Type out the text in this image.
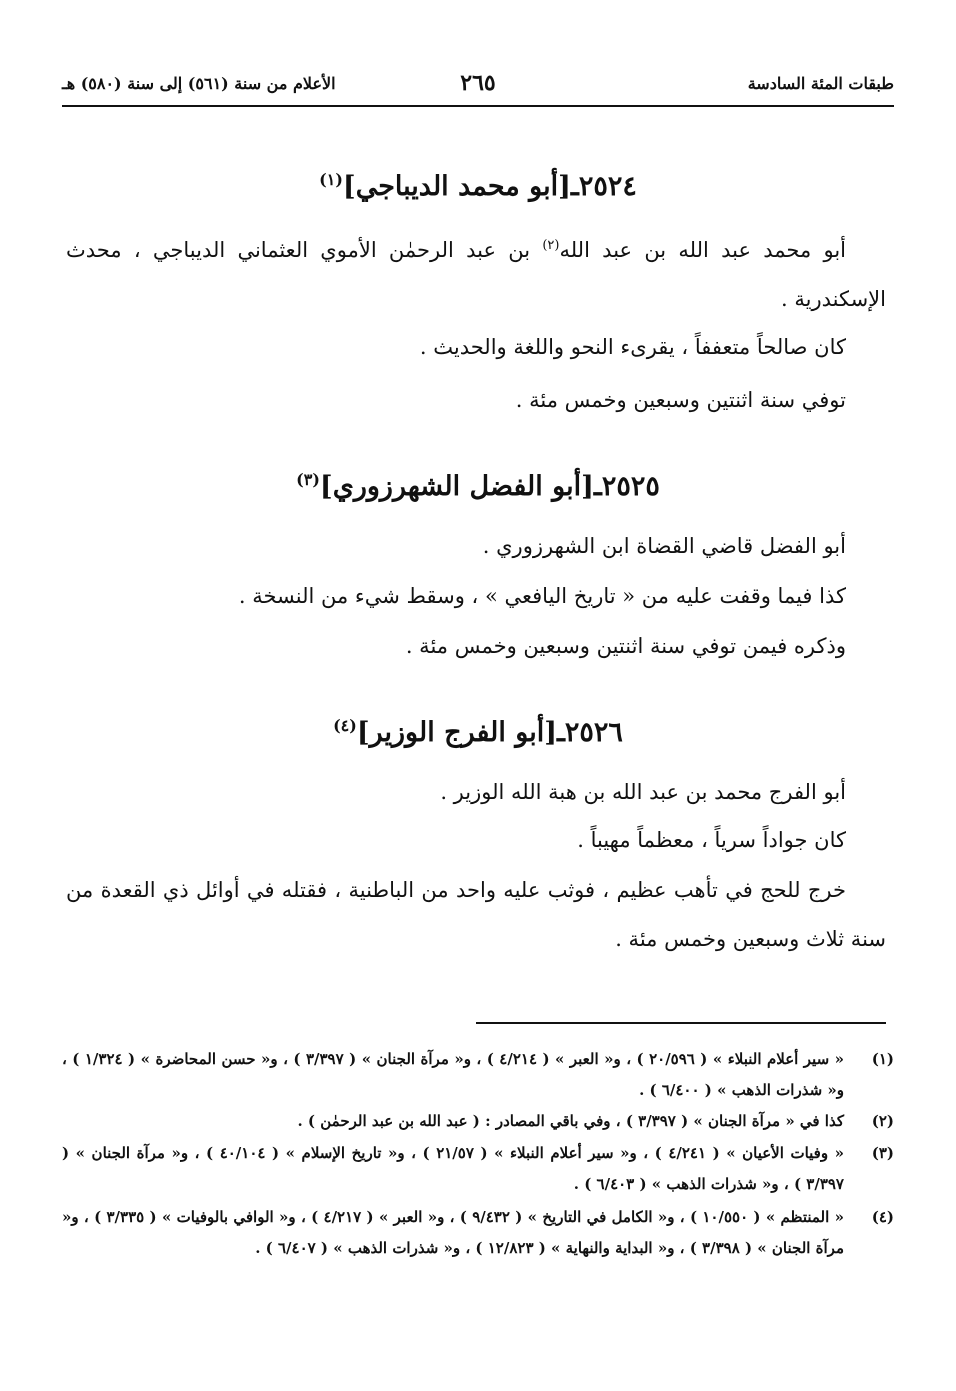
طبقات المئة السادسة
٢٦٥
الأعلام من سنة (٥٦١) إلى سنة (٥٨٠) هـ
٢٥٢٤ـ[أبو محمد الديباجي]$^{(١)}$
أبو محمد عبد الله بن عبد الله$^{(٢)}$ بن عبد الرحمٰن الأموي العثماني الديباجي ، محدث الإسكندرية .
كان صالحاً متعففاً ، يقرىء النحو واللغة والحديث .
توفي سنة اثنتين وسبعين وخمس مئة .
٢٥٢٥ـ[أبو الفضل الشهرزوري]$^{(٣)}$
أبو الفضل قاضي القضاة ابن الشهرزوري .
كذا فيما وقفت عليه من « تاريخ اليافعي » ، وسقط شيء من النسخة .
وذكره فيمن توفي سنة اثنتين وسبعين وخمس مئة .
٢٥٢٦ـ[أبو الفرج الوزير]$^{(٤)}$
أبو الفرج محمد بن عبد الله بن هبة الله الوزير .
كان جواداً سرياً ، معظماً مهيباً .
خرج للحج في تأهب عظيم ، فوثب عليه واحد من الباطنية ، فقتله في أوائل ذي القعدة من سنة ثلاث وسبعين وخمس مئة .
(١)
« سير أعلام النبلاء » ( ٢٠/٥٩٦ ) ، و« العبر » ( ٤/٢١٤ ) ، و« مرآة الجنان » ( ٣/٣٩٧ ) ، و« حسن المحاضرة » ( ١/٣٢٤ ) ، و« شذرات الذهب » ( ٦/٤٠٠ ) .
(٢)
كذا في « مرآة الجنان » ( ٣/٣٩٧ ) ، وفي باقي المصادر : ( عبد الله بن عبد الرحمٰن ) .
(٣)
« وفيات الأعيان » ( ٤/٢٤١ ) ، و« سير أعلام النبلاء » ( ٢١/٥٧ ) ، و« تاريخ الإسلام » ( ٤٠/١٠٤ ) ، و« مرآة الجنان » ( ٣/٣٩٧ ) ، و« شذرات الذهب » ( ٦/٤٠٣ ) .
(٤)
« المنتظم » ( ١٠/٥٥٠ ) ، و« الكامل في التاريخ » ( ٩/٤٣٢ ) ، و« العبر » ( ٤/٢١٧ ) ، و« الوافي بالوفيات » ( ٣/٣٣٥ ) ، و« مرآة الجنان » ( ٣/٣٩٨ ) ، و« البداية والنهاية » ( ١٢/٨٢٣ ) ، و« شذرات الذهب » ( ٦/٤٠٧ ) .
